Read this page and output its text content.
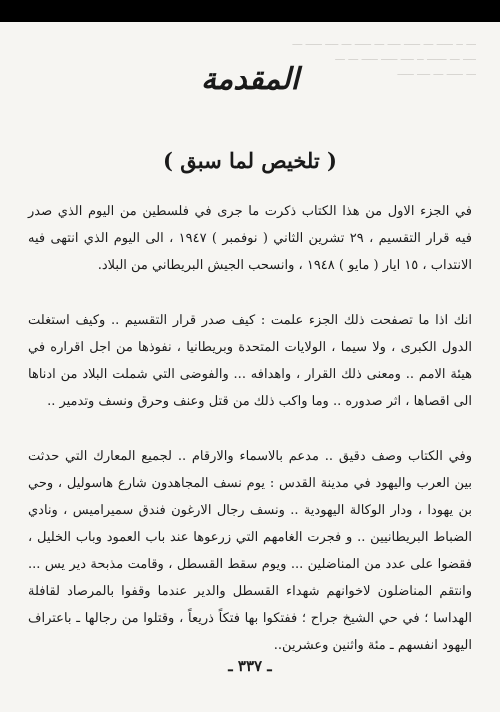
ـــ ــ ـــــ ـــ ـــــ ــــ ـــ ـــــ ـــ ــــ ـــــ ـــ
ــــ ـــ ــــــ ــ ــــ ـــــ ـــــ ـــ ـــ
ـــ ـــــ ـــ ــــ ـــــ
المقدمة
( تلخيص لما سبق )

في الجزء الاول من هذا الكتاب ذكرت ما جرى في فلسطين من اليوم الذي صدر فيه قرار التقسيم ، ٢٩ تشرين الثاني ( نوفمبر ) ١٩٤٧ ، الى اليوم الذي انتهى فيه الانتداب ، ١٥ ايار ( مايو ) ١٩٤٨ ، وانسحب الجيش البريطاني من البلاد.

انك اذا ما تصفحت ذلك الجزء علمت : كيف صدر قرار التقسيم .. وكيف استغلت الدول الكبرى ، ولا سيما ، الولايات المتحدة وبريطانيا ، نفوذها من اجل اقراره في هيئة الامم .. ومعنى ذلك القرار ، واهدافه ... والفوضى التي شملت البلاد من ادناها الى اقصاها ، اثر صدوره .. وما واكب ذلك من قتل وعنف وحرق ونسف وتدمير ..

وفي الكتاب وصف دقيق .. مدعم بالاسماء والارقام .. لجميع المعارك التي حدثت بين العرب واليهود في مدينة القدس : يوم نسف المجاهدون شارع هاسوليل ، وحي بن يهودا ، ودار الوكالة اليهودية .. ونسف رجال الارغون فندق سميراميس ، ونادي الضباط البريطانيين .. و فجرت الغامهم التي زرعوها عند باب العمود وباب الخليل ، فقضوا على عدد من المناضلين ... ويوم سقط القسطل ، وقامت مذبحة دير يس ... وانتقم المناضلون لاخوانهم شهداء القسطل والدير عندما وقفوا بالمرصاد لقافلة الهداسا ؛ في حي الشيخ جراح ؛ ففتكوا بها فتكاً ذريعاً ، وقتلوا من رجالها ـ باعتراف اليهود انفسهم ـ مئة واثنين وعشرين..

ـ ٣٣٧ ـ
